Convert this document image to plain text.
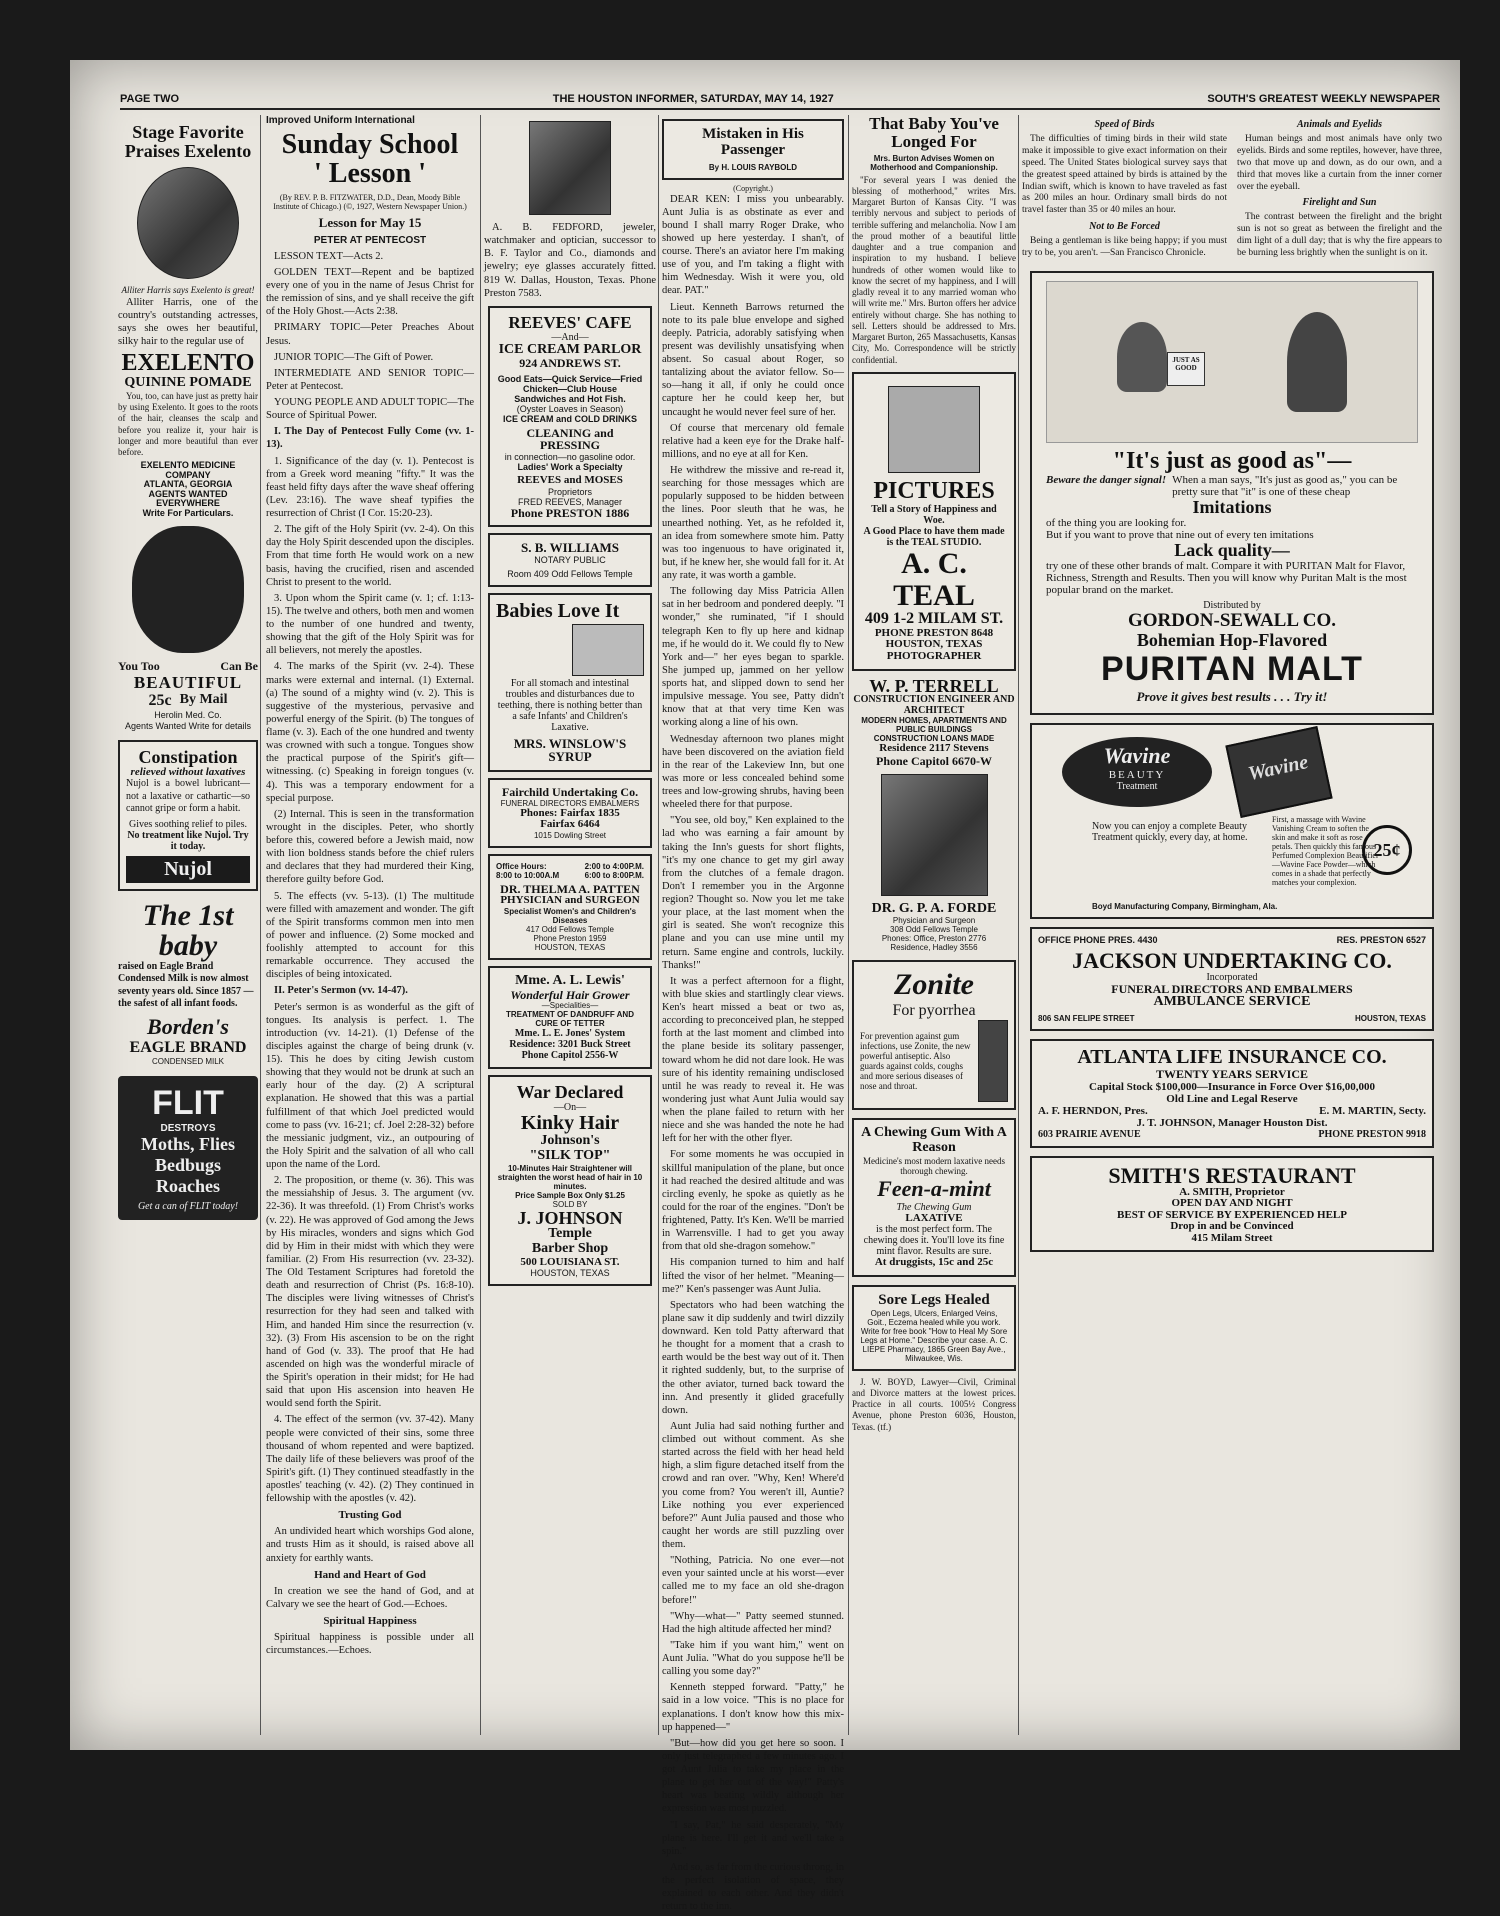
PAGE TWO	THE HOUSTON INFORMER, SATURDAY, MAY 14, 1927	SOUTH'S GREATEST WEEKLY NEWSPAPER
Stage Favorite Praises Exelento
Alliter Harris says Exelento is great!

Alliter Harris, one of the country's outstanding actresses, says she owes her beautiful, silky hair to the regular use of

EXELENTO
QUININE POMADE

You, too, can have just as pretty hair by using Exelento. It goes to the roots of the hair, cleanses the scalp and before you realize it, your hair is longer and more beautiful than ever before.

EXELENTO MEDICINE COMPANY
ATLANTA, GEORGIA
AGENTS WANTED EVERYWHERE
Write For Particulars.
You Too	Can Be
BEAUTIFUL
25c By Mail
Herolin Med. Co.
Agents Wanted Write for details
Constipation
relieved without laxatives

Nujol is a bowel lubricant—not a laxative or cathartic—so cannot gripe or form a habit.

Gives soothing relief to piles.
No treatment like Nujol. Try it today.
Nujol
The 1st
baby

raised on Eagle Brand Condensed Milk is now almost seventy years old. Since 1857 —the safest of all infant foods.

Borden's
EAGLE BRAND
CONDENSED MILK
FLIT
DESTROYS
Moths, Flies
Bedbugs
Roaches
Get a can of FLIT today!
Improved Uniform International
Sunday School
' Lesson '
(By REV. P. B. FITZWATER, D.D., Dean, Moody Bible Institute of Chicago.) (©, 1927, Western Newspaper Union.)
Lesson for May 15
PETER AT PENTECOST

LESSON TEXT—Acts 2.

GOLDEN TEXT—Repent and be baptized every one of you in the name of Jesus Christ for the remission of sins, and ye shall receive the gift of the Holy Ghost.—Acts 2:38.

PRIMARY TOPIC—Peter Preaches About Jesus.

JUNIOR TOPIC—The Gift of Power.

INTERMEDIATE AND SENIOR TOPIC—Peter at Pentecost.

YOUNG PEOPLE AND ADULT TOPIC—The Source of Spiritual Power.

I. The Day of Pentecost Fully Come (vv. 1-13).

1. Significance of the day (v. 1). Pentecost is from a Greek word meaning "fifty." It was the feast held fifty days after the wave sheaf offering (Lev. 23:16). The wave sheaf typifies the resurrection of Christ (I Cor. 15:20-23).

2. The gift of the Holy Spirit (vv. 2-4). On this day the Holy Spirit descended upon the disciples. From that time forth He would work on a new basis, having the crucified, risen and ascended Christ to present to the world.

3. Upon whom the Spirit came (v. 1; cf. 1:13-15). The twelve and others, both men and women to the number of one hundred and twenty, showing that the gift of the Holy Spirit was for all believers, not merely the apostles.

4. The marks of the Spirit (vv. 2-4). These marks were external and internal. (1) External. (a) The sound of a mighty wind (v. 2). This is suggestive of the mysterious, pervasive and powerful energy of the Spirit. (b) The tongues of flame (v. 3). Each of the one hundred and twenty was crowned with such a tongue. Tongues show the practical purpose of the Spirit's gift—witnessing. (c) Speaking in foreign tongues (v. 4). This was a temporary endowment for a special purpose.

(2) Internal. This is seen in the transformation wrought in the disciples. Peter, who shortly before this, cowered before a Jewish maid, now with lion boldness stands before the chief rulers and declares that they had murdered their King, therefore guilty before God.

5. The effects (vv. 5-13). (1) The multitude were filled with amazement and wonder. The gift of the Spirit transforms common men into men of power and influence. (2) Some mocked and foolishly attempted to account for this remarkable occurrence. They accused the disciples of being intoxicated.

II. Peter's Sermon (vv. 14-47).

Peter's sermon is as wonderful as the gift of tongues. Its analysis is perfect. 1. The introduction (vv. 14-21). (1) Defense of the disciples against the charge of being drunk (v. 15). This he does by citing Jewish custom showing that they would not be drunk at such an early hour of the day. (2) A scriptural explanation. He showed that this was a partial fulfillment of that which Joel predicted would come to pass (vv. 16-21; cf. Joel 2:28-32) before the messianic judgment, viz., an outpouring of the Holy Spirit and the salvation of all who call upon the name of the Lord.

2. The proposition, or theme (v. 36). This was the messiahship of Jesus. 3. The argument (vv. 22-36). It was threefold. (1) From Christ's works (v. 22). He was approved of God among the Jews by His miracles, wonders and signs which God did by Him in their midst with which they were familiar. (2) From His resurrection (vv. 23-32). The Old Testament Scriptures had foretold the death and resurrection of Christ (Ps. 16:8-10). The disciples were living witnesses of Christ's resurrection for they had seen and talked with Him, and handed Him since the resurrection (v. 32). (3) From His ascension to be on the right hand of God (v. 33). The proof that He had ascended on high was the wonderful miracle of the Spirit's operation in their midst; for He had said that upon His ascension into heaven He would send forth the Spirit.

4. The effect of the sermon (vv. 37-42). Many people were convicted of their sins, some three thousand of whom repented and were baptized. The daily life of these believers was proof of the Spirit's gift. (1) They continued steadfastly in the apostles' teaching (v. 42). (2) They continued in fellowship with the apostles (v. 42).

Trusting God

An undivided heart which worships God alone, and trusts Him as it should, is raised above all anxiety for earthly wants.

Hand and Heart of God

In creation we see the hand of God, and at Calvary we see the heart of God.—Echoes.

Spiritual Happiness

Spiritual happiness is possible under all circumstances.—Echoes.

A. B. FEDFORD, jeweler, watchmaker and optician, successor to B. F. Taylor and Co., diamonds and jewelry; eye glasses accurately fitted. 819 W. Dallas, Houston, Texas. Phone Preston 7583.

REEVES' CAFE
—And—
ICE CREAM PARLOR
924 ANDREWS ST.
Good Eats—Quick Service—Fried Chicken—Club House Sandwiches and Hot Fish.
(Oyster Loaves in Season)
ICE CREAM and COLD DRINKS
CLEANING and PRESSING
in connection—no gasoline odor.
Ladies' Work a Specialty
REEVES and MOSES
Proprietors
FRED REEVES, Manager
Phone PRESTON 1886
S. B. WILLIAMS
NOTARY PUBLIC
Room 409 Odd Fellows Temple
Babies Love It
For all stomach and intestinal troubles and disturbances due to teething, there is nothing better than a safe Infants' and Children's Laxative.
MRS. WINSLOW'S SYRUP
Fairchild Undertaking Co.
FUNERAL DIRECTORS EMBALMERS
Phones: Fairfax 1835
Fairfax 6464
1015 Dowling Street
Office Hours:	2:00 to 4:00P.M.
8:00 to 10:00A.M	6:00 to 8:00P.M.
DR. THELMA A. PATTEN
PHYSICIAN and SURGEON
Specialist Women's and Children's Diseases
417 Odd Fellows Temple
Phone Preston 1959
HOUSTON, TEXAS
Mme. A. L. Lewis'
Wonderful Hair Grower
—Specialities—
TREATMENT OF DANDRUFF AND CURE OF TETTER
Mme. L. E. Jones' System
Residence: 3201 Buck Street
Phone Capitol 2556-W
War Declared
—On—
Kinky Hair
Johnson's
"SILK TOP"
10-Minutes Hair Straightener will straighten the worst head of hair in 10 minutes.
Price Sample Box Only $1.25
SOLD BY
J. JOHNSON
Temple
Barber Shop
500 LOUISIANA ST.
HOUSTON, TEXAS
Mistaken in His Passenger
By H. LOUIS RAYBOLD
(Copyright.)

DEAR KEN: I miss you unbearably. Aunt Julia is as obstinate as ever and bound I shall marry Roger Drake, who showed up here yesterday. I shan't, of course. There's an aviator here I'm making use of you, and I'm taking a flight with him Wednesday. Wish it were you, old dear. PAT."

Lieut. Kenneth Barrows returned the note to its pale blue envelope and sighed deeply. Patricia, adorably satisfying when present was devilishly unsatisfying when absent. So casual about Roger, so tantalizing about the aviator fellow. So—so—hang it all, if only he could once capture her he could keep her, but uncaught he would never feel sure of her.

Of course that mercenary old female relative had a keen eye for the Drake half-millions, and no eye at all for Ken.

He withdrew the missive and re-read it, searching for those messages which are popularly supposed to be hidden between the lines. Poor sleuth that he was, he unearthed nothing. Yet, as he refolded it, an idea from somewhere smote him. Patty was too ingenuous to have originated it, but, if he knew her, she would fall for it. At any rate, it was worth a gamble.

The following day Miss Patricia Allen sat in her bedroom and pondered deeply. "I wonder," she ruminated, "if I should telegraph Ken to fly up here and kidnap me, if he would do it. We could fly to New York and—" her eyes began to sparkle. She jumped up, jammed on her yellow sports hat, and slipped down to send her impulsive message. You see, Patty didn't know that at that very time Ken was working along a line of his own.

Wednesday afternoon two planes might have been discovered on the aviation field in the rear of the Lakeview Inn, but one was more or less concealed behind some trees and low-growing shrubs, having been wheeled there for that purpose.

"You see, old boy," Ken explained to the lad who was earning a fair amount by taking the Inn's guests for short flights, "it's my one chance to get my girl away from the clutches of a female dragon. Don't I remember you in the Argonne region? Thought so. Now you let me take your place, at the last moment when the girl is seated. She won't recognize this plane and you can use mine until my return. Same engine and controls, luckily. Thanks!"

It was a perfect afternoon for a flight, with blue skies and startlingly clear views. Ken's heart missed a beat or two as, according to preconceived plan, he stepped forth at the last moment and climbed into the plane beside its solitary passenger, toward whom he did not dare look. He was sure of his identity remaining undisclosed until he was ready to reveal it. He was wondering just what Aunt Julia would say when the plane failed to return with her niece and she was handed the note he had left for her with the other flyer.

For some moments he was occupied in skillful manipulation of the plane, but once it had reached the desired altitude and was circling evenly, he spoke as quietly as he could for the roar of the engines. "Don't be frightened, Patty. It's Ken. We'll be married in Warrensville. I had to get you away from that old she-dragon somehow."

His companion turned to him and half lifted the visor of her helmet. "Meaning—me?" Ken's passenger was Aunt Julia.

Spectators who had been watching the plane saw it dip suddenly and twirl dizzily downward. Ken told Patty afterward that he thought for a moment that a crash to earth would be the best way out of it. Then it righted suddenly, but, to the surprise of the other aviator, turned back toward the inn. And presently it glided gracefully down.

Aunt Julia had said nothing further and climbed out without comment. As she started across the field with her head held high, a slim figure detached itself from the crowd and ran over. "Why, Ken! Where'd you come from? You weren't ill, Auntie? Like nothing you ever experienced before?" Aunt Julia paused and those who caught her words are still puzzling over them.

"Nothing, Patricia. No one ever—not even your sainted uncle at his worst—ever called me to my face an old she-dragon before!"

"Why—what—" Patty seemed stunned. Had the high altitude affected her mind?

"Take him if you want him," went on Aunt Julia. "What do you suppose he'll be calling you some day?"

Kenneth stepped forward. "Patty," he said in a low voice. "This is no place for explanations. I don't know how this mix-up happened—"

"But—how did you get here so soon. I only just telegraphed a few minutes ago. I got Aunt Julia to take my place in the plane to get her out of the way!" Patty's heart was beating wildly although her expression was most puzzled.

"I say, Pat," he said desperately, "My plane is here. I'll get it and we'll take a spin."

And so, as far from the curious throng, in the perfect isolation of space, they explained to each other. And they didn't return to the inn.

That Baby You've Longed For
Mrs. Burton Advises Women on Motherhood and Companionship.

"For several years I was denied the blessing of motherhood," writes Mrs. Margaret Burton of Kansas City. "I was terribly nervous and subject to periods of terrible suffering and melancholia. Now I am the proud mother of a beautiful little daughter and a true companion and inspiration to my husband. I believe hundreds of other women would like to know the secret of my happiness, and I will gladly reveal it to any married woman who will write me." Mrs. Burton offers her advice entirely without charge. She has nothing to sell. Letters should be addressed to Mrs. Margaret Burton, 265 Massachusetts, Kansas City, Mo. Correspondence will be strictly confidential.

PICTURES
Tell a Story of Happiness and Woe.
A Good Place to have them made is the TEAL STUDIO.
A. C. TEAL
409 1-2 MILAM ST.
PHONE PRESTON 8648
HOUSTON, TEXAS
PHOTOGRAPHER
W. P. TERRELL
CONSTRUCTION ENGINEER AND ARCHITECT
MODERN HOMES, APARTMENTS AND PUBLIC BUILDINGS
CONSTRUCTION LOANS MADE
Residence 2117 Stevens
Phone Capitol 6670-W
DR. G. P. A. FORDE
Physician and Surgeon
308 Odd Fellows Temple
Phones: Office, Preston 2776
Residence, Hadley 3556
Zonite
For pyorrhea
For prevention against gum infections, use Zonite, the new powerful antiseptic. Also guards against colds, coughs and more serious diseases of nose and throat.
A Chewing Gum With A Reason
Medicine's most modern laxative needs thorough chewing.
Feen-a-mint
The Chewing Gum
LAXATIVE
is the most perfect form. The chewing does it. You'll love its fine mint flavor. Results are sure.
At druggists, 15c and 25c
Sore Legs Healed
Open Legs, Ulcers, Enlarged Veins, Goit., Eczema healed while you work. Write for free book "How to Heal My Sore Legs at Home." Describe your case. A. C. LIEPE Pharmacy, 1865 Green Bay Ave., Milwaukee, Wis.

J. W. BOYD, Lawyer—Civil, Criminal and Divorce matters at the lowest prices. Practice in all courts. 1005½ Congress Avenue, phone Preston 6036, Houston, Texas. (tf.)

Speed of Birds

The difficulties of timing birds in their wild state make it impossible to give exact information on their speed. The United States biological survey says that the greatest speed attained by birds is attained by the Indian swift, which is known to have traveled as fast as 200 miles an hour. Ordinary small birds do not travel faster than 35 or 40 miles an hour.

Not to Be Forced

Being a gentleman is like being happy; if you must try to be, you aren't. —San Francisco Chronicle.

Animals and Eyelids

Human beings and most animals have only two eyelids. Birds and some reptiles, however, have three, two that move up and down, as do our own, and a third that moves like a curtain from the inner corner over the eyeball.

Firelight and Sun

The contrast between the firelight and the bright sun is not so great as between the firelight and the dim light of a dull day; that is why the fire appears to be burning less brightly when the sunlight is on it.

JUST AS GOOD
"It's just as good as"—
Beware the danger signal! When a man says, "It's just as good as," you can be pretty sure that "it" is one of these cheap
Imitations
of the thing you are looking for.
But if you want to prove that nine out of every ten imitations
Lack quality—
try one of these other brands of malt. Compare it with PURITAN Malt for Flavor, Richness, Strength and Results. Then you will know why Puritan Malt is the most popular brand on the market.
Distributed by
GORDON-SEWALL CO.
Bohemian Hop-Flavored
PURITAN MALT
Prove it gives best results . . . Try it!
Wavine
BEAUTY
Treatment
Wavine
Now you can enjoy a complete Beauty Treatment quickly, every day, at home.
25¢
First, a massage with Wavine Vanishing Cream to soften the skin and make it soft as rose petals. Then quickly this famous Perfumed Complexion Beautifier—Wavine Face Powder—which comes in a shade that perfectly matches your complexion.
Boyd Manufacturing Company, Birmingham, Ala.
OFFICE PHONE PRES. 4430	RES. PRESTON 6527
JACKSON UNDERTAKING CO.
Incorporated
FUNERAL DIRECTORS AND EMBALMERS
AMBULANCE SERVICE
806 SAN FELIPE STREET	HOUSTON, TEXAS
ATLANTA LIFE INSURANCE CO.
TWENTY YEARS SERVICE
Capital Stock $100,000—Insurance in Force Over $16,00,000
Old Line and Legal Reserve
A. F. HERNDON, Pres.	E. M. MARTIN, Secty.
J. T. JOHNSON, Manager Houston Dist.
603 PRAIRIE AVENUE	PHONE PRESTON 9918
SMITH'S RESTAURANT
A. SMITH, Proprietor
OPEN DAY AND NIGHT
BEST OF SERVICE BY EXPERIENCED HELP
Drop in and be Convinced
415 Milam Street
